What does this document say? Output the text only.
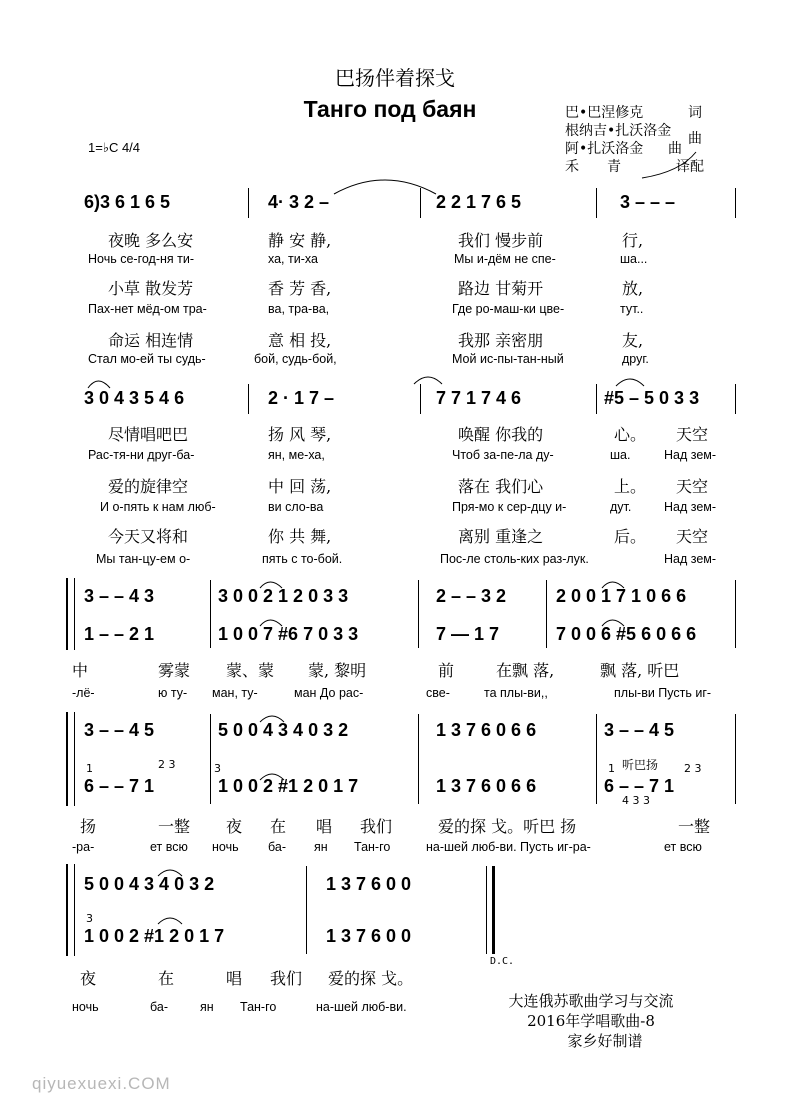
巴扬伴着探戈
Танго под баян	巴•巴涅修克	词
根纳吉•扎沃洛金 曲
阿•扎沃洛金 曲
禾　　青	译配
1=♭C 4/4
6)3 6 1 6 5	4· 3 2 –	2 2 1 7 6 5	3 – – –
夜晚 多么安	静 安 静,	我们 慢步前	行,
Ночь се-год-ня ти-	ха, ти-ха	Мы и-дём не спе-	ша...
小草 散发芳	香 芳 香,	路边 甘菊开	放,
Пах-нет мёд-ом тра-	ва, тра-ва,	Где ро-маш-ки цве-	тут..
命运 相连情	意 相 投,	我那 亲密朋	友,
Стал мо-ей ты судь-	бой, судь-бой,	Мой ис-пы-тан-ный	друг.
3 0 4 3 5 4 6	2 · 1 7 –	7 7 1 7 4 6	#5 – 5 0 3 3
尽情唱吧巴	扬 风 琴,	唤醒 你我的	心。 天空
Рас-тя-ни друг-ба-	ян, ме-ха,	Чтоб за-пе-ла ду-	ша.	Над зем-
爱的旋律空	中 回 荡,	落在 我们心	上。 天空
И о-пять к нам люб-	ви сло-ва	Пря-мо к сер-дцу и-	дут.	Над зем-
今天又将和	你 共 舞,	离别 重逢之	后。 天空
Мы тан-цу-ем о-	пять с то-бой.	Пос-ле столь-ких раз-лук.	Над зем-
3 – – 4 3	3 0 0 2 1 2 0 3 3	2 – – 3 2	2 0 0 1 7 1 0 6 6
1 – – 2 1	1 0 0 7 #6 7 0 3 3	7 — 1 7	7 0 0 6 #5 6 0 6 6
中	雾蒙 蒙、蒙 蒙, 黎明	前	在飘 落,	飘 落, 听巴
-лё-	ю ту- ман, ту-	ман До рас-	све-	та плы-ви,,	плы-ви Пусть иг-
3 – – 4 5	5 0 0 4 3 4 0 3 2	1 3 7 6 0 6 6	3 – – 4 5
1	2 3	3	1	2 3
听巴扬
4 3 3
6 – – 7 1	1 0 0 2 #1 2 0 1 7	1 3 7 6 0 6 6	6 – – 7 1
扬	一整 夜 在 唱 我们	爱的探 戈。听巴 扬	一整
-ра-	ет всю ночь ба- ян Тан-го	на-шей люб-ви. Пусть иг-ра-	ет всю
5 0 0 4 3 4 0 3 2	1 3 7 6 0 0
3
1 0 0 2 #1 2 0 1 7	1 3 7 6 0 0
D.C.
夜	在	唱 我们 爱的探 戈。
ночь	ба-	ян Тан-го	на-шей люб-ви.	大连俄苏歌曲学习与交流
2016年学唱歌曲-8
家乡好制谱
qiyuexuexi.COM
